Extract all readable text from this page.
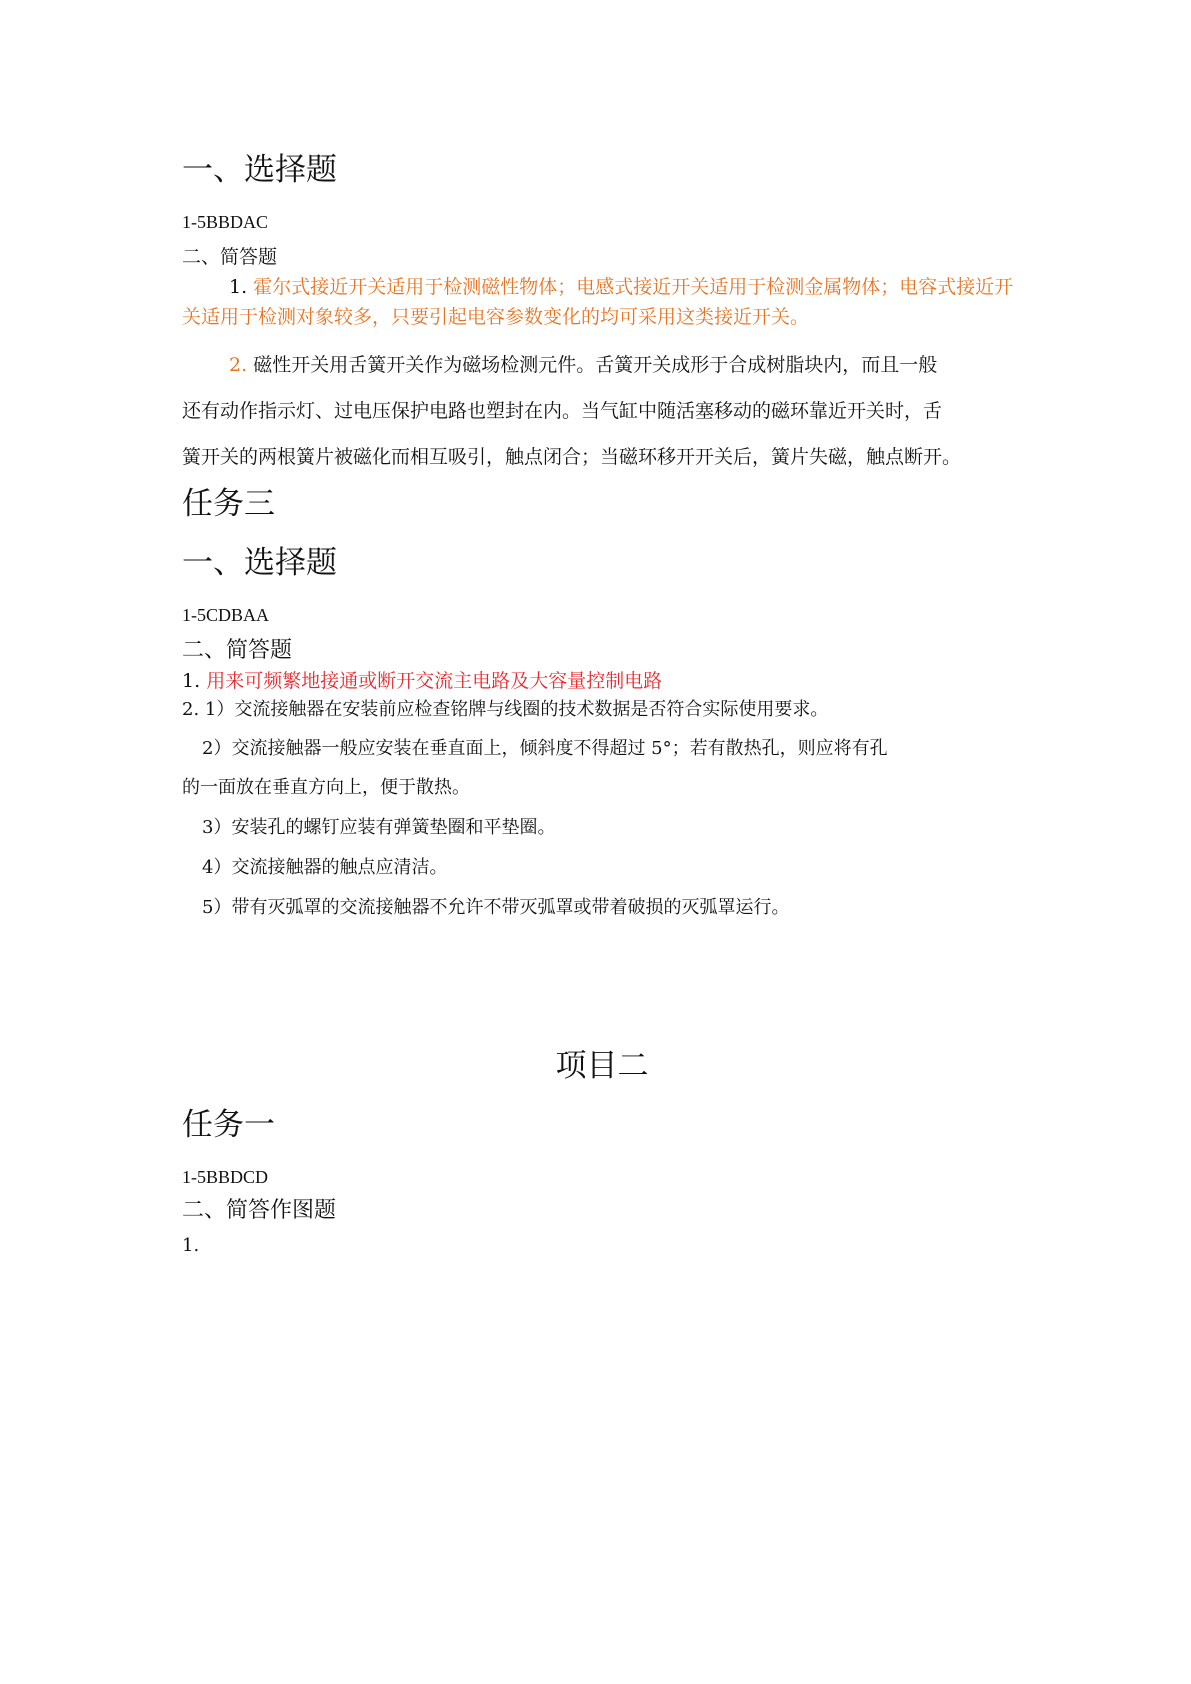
一、选择题
1-5BBDAC
二、简答题
1. 霍尔式接近开关适用于检测磁性物体；电感式接近开关适用于检测金属物体；电容式接近开关适用于检测对象较多，只要引起电容参数变化的均可采用这类接近开关。
2. 磁性开关用舌簧开关作为磁场检测元件。舌簧开关成形于合成树脂块内，而且一般
还有动作指示灯、过电压保护电路也塑封在内。当气缸中随活塞移动的磁环靠近开关时，舌
簧开关的两根簧片被磁化而相互吸引，触点闭合；当磁环移开开关后，簧片失磁，触点断开。
任务三
一、选择题
1-5CDBAA
二、简答题
1. 用来可频繁地接通或断开交流主电路及大容量控制电路
2. 1）交流接触器在安装前应检查铭牌与线圈的技术数据是否符合实际使用要求。
2）交流接触器一般应安装在垂直面上，倾斜度不得超过 5°；若有散热孔，则应将有孔
的一面放在垂直方向上，便于散热。
3）安装孔的螺钉应装有弹簧垫圈和平垫圈。
4）交流接触器的触点应清洁。
5）带有灭弧罩的交流接触器不允许不带灭弧罩或带着破损的灭弧罩运行。
项目二
任务一
1-5BBDCD
二、简答作图题
1.
